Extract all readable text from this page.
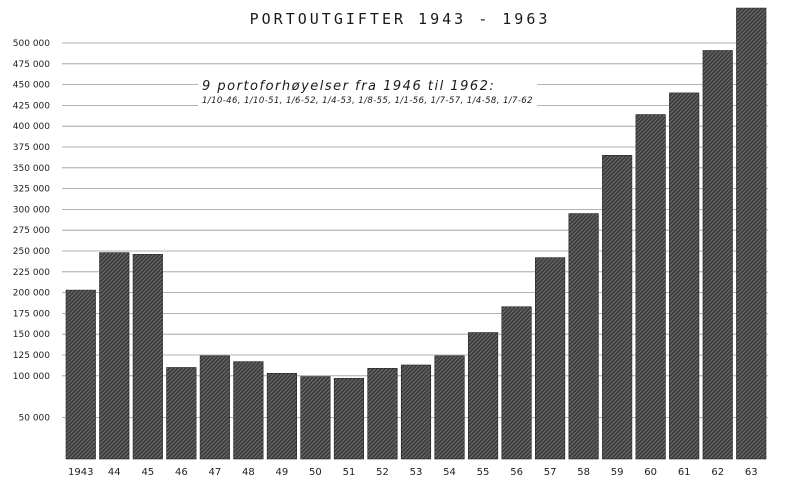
PORTOUTGIFTER 1943 - 1963
50 000
100 000
125 000
150 000
175 000
200 000
225 000
250 000
275 000
300 000
325 000
350 000
375 000
400 000
425 000
450 000
475 000
500 000
1943 44 45 46 47 48 49 50 51 52 53 54 55 56 57 58 59 60 61 62 63
9 portoforhøyelser fra 1946 til 1962:
1/10-46, 1/10-51, 1/6-52, 1/4-53, 1/8-55, 1/1-56, 1/7-57, 1/4-58, 1/7-62
